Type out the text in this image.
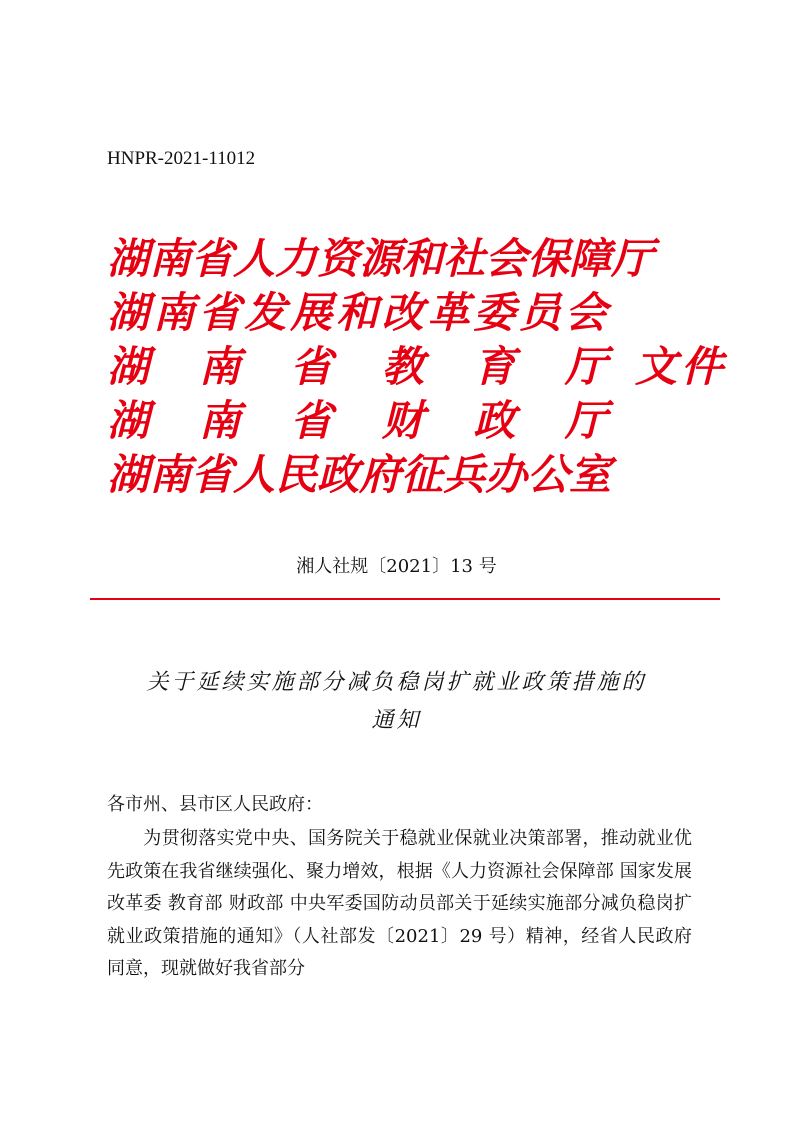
HNPR-2021-11012
湖 南 省 人 力 资 源 和 社 会 保 障 厅
湖 南 省 发 展 和 改 革 委 员 会
湖 南 省 教 育 厅 文件
湖 南 省 财 政 厅
湖 南 省 人 民 政 府 征 兵 办 公 室
湘人社规〔2021〕13 号
关于延续实施部分减负稳岗扩就业政策措施的
通知
各市州、县市区人民政府：
为贯彻落实党中央、国务院关于稳就业保就业决策部署，推动就业优先政策在我省继续强化、聚力增效，根据《人力资源社会保障部 国家发展改革委 教育部 财政部 中央军委国防动员部关于延续实施部分减负稳岗扩就业政策措施的通知》（人社部发〔2021〕29 号）精神，经省人民政府同意，现就做好我省部分
